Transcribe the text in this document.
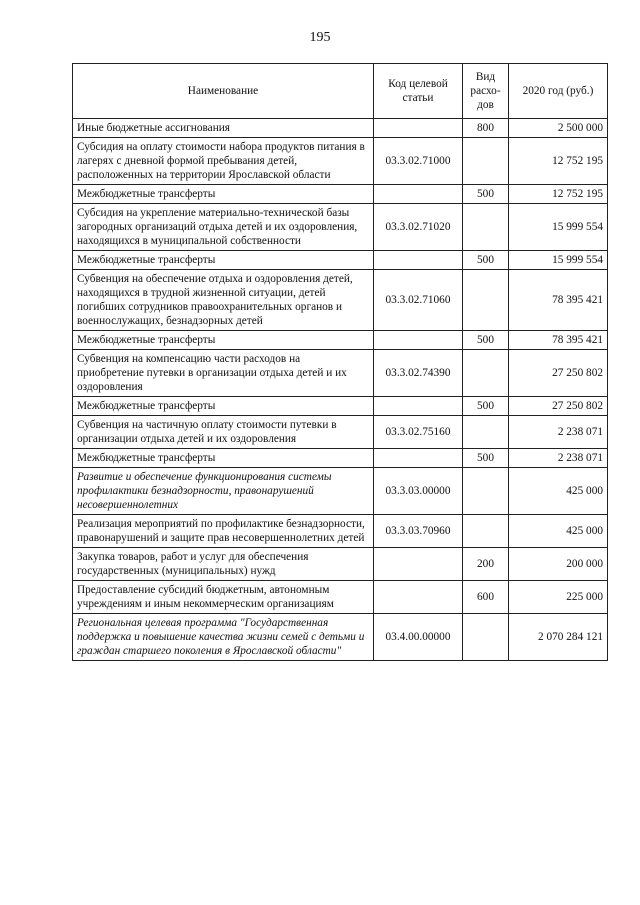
195
Наименование	Код целевой статьи	Вид расхо-дов	2020 год (руб.)
Иные бюджетные ассигнования		800	2 500 000
Субсидия на оплату стоимости набора продуктов питания в лагерях с дневной формой пребывания детей, расположенных на территории Ярославской области	03.3.02.71000		12 752 195
Межбюджетные трансферты		500	12 752 195
Субсидия на укрепление материально-технической базы загородных организаций отдыха детей и их оздоровления, находящихся в муниципальной собственности	03.3.02.71020		15 999 554
Межбюджетные трансферты		500	15 999 554
Субвенция на обеспечение отдыха и оздоровления детей, находящихся в трудной жизненной ситуации, детей погибших сотрудников правоохранительных органов и военнослужащих, безнадзорных детей	03.3.02.71060		78 395 421
Межбюджетные трансферты		500	78 395 421
Субвенция на компенсацию части расходов на приобретение путевки в организации отдыха детей и их оздоровления	03.3.02.74390		27 250 802
Межбюджетные трансферты		500	27 250 802
Субвенция на частичную оплату стоимости путевки в организации отдыха детей и их оздоровления	03.3.02.75160		2 238 071
Межбюджетные трансферты		500	2 238 071
Развитие и обеспечение функционирования системы профилактики безнадзорности, правонарушений несовершеннолетних	03.3.03.00000		425 000
Реализация мероприятий по профилактике безнадзорности, правонарушений и защите прав несовершеннолетних детей	03.3.03.70960		425 000
Закупка товаров, работ и услуг для обеспечения государственных (муниципальных) нужд		200	200 000
Предоставление субсидий бюджетным, автономным учреждениям и иным некоммерческим организациям		600	225 000
Региональная целевая программа "Государственная поддержка и повышение качества жизни семей с детьми и граждан старшего поколения в Ярославской области"	03.4.00.00000		2 070 284 121
